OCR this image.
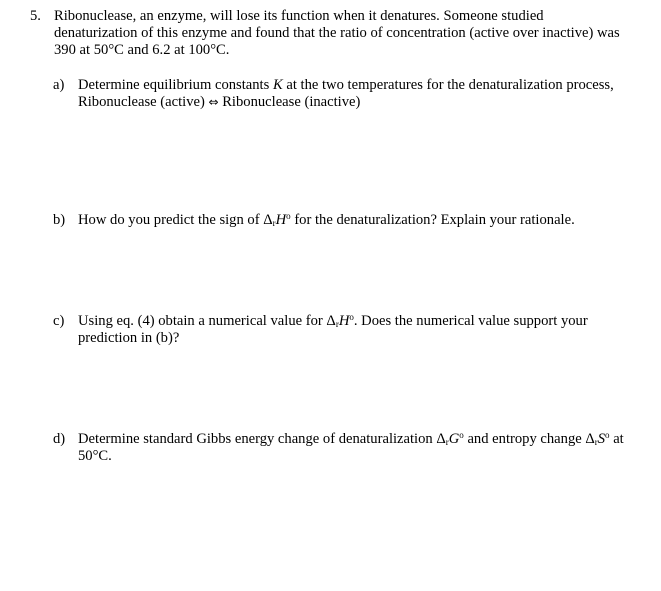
5. Ribonuclease, an enzyme, will lose its function when it denatures. Someone studied
denaturization of this enzyme and found that the ratio of concentration (active over inactive) was
390 at 50°C and 6.2 at 100°C.
a) Determine equilibrium constants K at the two temperatures for the denaturalization process,
Ribonuclease (active) ⇔ Ribonuclease (inactive)
b) How do you predict the sign of $\Delta_rH^o$ for the denaturalization? Explain your rationale.
c) Using eq. (4) obtain a numerical value for $\Delta_rH^o$. Does the numerical value support your
prediction in (b)?
d) Determine standard Gibbs energy change of denaturalization $\Delta_rG^o$ and entropy change $\Delta_rS^o$ at
50°C.
